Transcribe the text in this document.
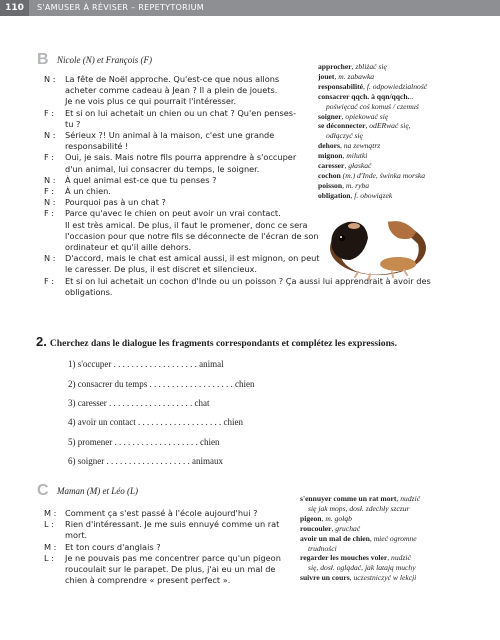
110	S'AMUSER À RÉVISER – REPETYTORIUM
B Nicole (N) et François (F)
N : La fête de Noël approche. Qu'est-ce que nous allons
acheter comme cadeau à Jean ? Il a plein de jouets.
Je ne vois plus ce qui pourrait l'intéresser.
F : Et si on lui achetait un chien ou un chat ? Qu'en penses-
tu ?
N : Sérieux ?! Un animal à la maison, c'est une grande
responsabilité !
F : Oui, je sais. Mais notre fils pourra apprendre à s'occuper
d'un animal, lui consacrer du temps, le soigner.
N : À quel animal est-ce que tu penses ?
F : À un chien.
N : Pourquoi pas à un chat ?
F : Parce qu'avec le chien on peut avoir un vrai contact.
Il est très amical. De plus, il faut le promener, donc ce sera
l'occasion pour que notre fils se déconnecte de l'écran de son
ordinateur et qu'il aille dehors.
N : D'accord, mais le chat est amical aussi, il est mignon, on peut
le caresser. De plus, il est discret et silencieux.
F : Et si on lui achetait un cochon d'Inde ou un poisson ? Ça aussi lui apprendrait à avoir des
obligations.
approcher, zbliżać się
jouet, m. zabawka
responsabilité, f. odpowiedzialność
consacrer qqch. à qqn/qqch...
poświęcać coś komuś / czemuś
soigner, opiekować się
se déconnecter, odERwać się,
odłączyć się
dehors, na zewnątrz
mignon, milutki
caresser, głaskać
cochon (m.) d'Inde, świnka morska
poisson, m. ryba
obligation, f. obowiązek
2. Cherchez dans le dialogue les fragments correspondants et complétez les expressions.
1) s'occuper . . . . . . . . . . . . . . . . . . . animal
2) consacrer du temps . . . . . . . . . . . . . . . . . . . chien
3) caresser . . . . . . . . . . . . . . . . . . . chat
4) avoir un contact . . . . . . . . . . . . . . . . . . . chien
5) promener . . . . . . . . . . . . . . . . . . . chien
6) soigner . . . . . . . . . . . . . . . . . . . animaux
C Maman (M) et Léo (L)
M : Comment ça s'est passé à l'école aujourd'hui ?
L : Rien d'intéressant. Je me suis ennuyé comme un rat
mort.
M : Et ton cours d'anglais ?
L : Je ne pouvais pas me concentrer parce qu'un pigeon
roucoulait sur le parapet. De plus, j'ai eu un mal de
chien à comprendre « present perfect ».
s'ennuyer comme un rat mort, nudzić
się jak mops, dosł. zdechły szczur
pigeon, m. gołąb
roucouler, gruchać
avoir un mal de chien, mieć ogromne
trudności
regarder les mouches voler, nudzić
się, dosł. oglądać, jak latają muchy
suivre un cours, uczestniczyć w lekcji
